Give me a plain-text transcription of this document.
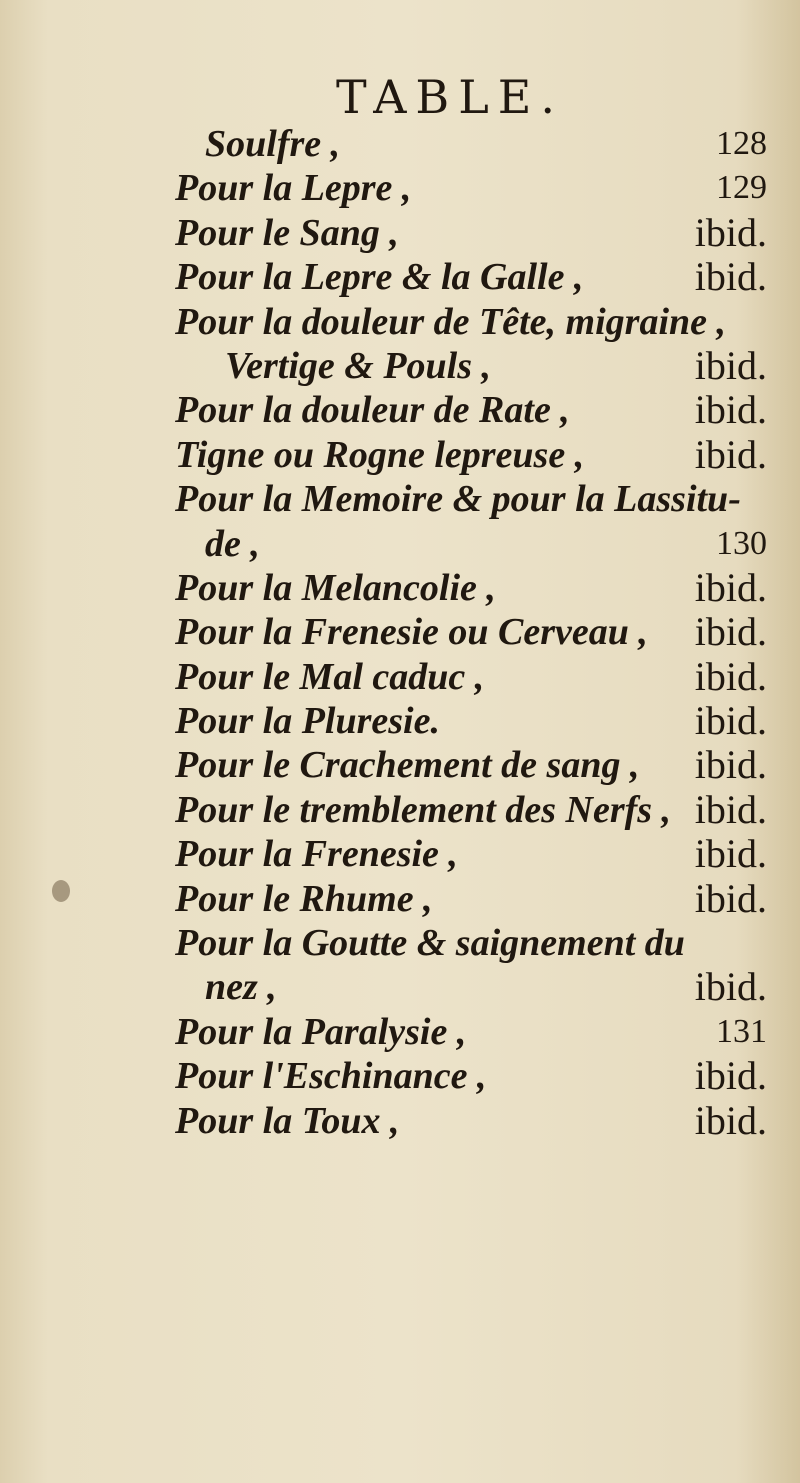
TABLE.
Soulfre ,	128
Pour la Lepre ,	129
Pour le Sang ,	ibid.
Pour la Lepre & la Galle ,	ibid.
Pour la douleur de Tête, migraine ,
Vertige & Pouls ,	ibid.
Pour la douleur de Rate ,	ibid.
Tigne ou Rogne lepreuse ,	ibid.
Pour la Memoire & pour la Lassitu-
de ,	130
Pour la Melancolie ,	ibid.
Pour la Frenesie ou Cerveau , ibid.
Pour le Mal caduc ,	ibid.
Pour la Pluresie.	ibid.
Pour le Crachement de sang , ibid.
Pour le tremblement des Nerfs , ibid.
Pour la Frenesie ,	ibid.
Pour le Rhume ,	ibid.
Pour la Goutte & saignement du
nez ,	ibid.
Pour la Paralysie ,	131
Pour l'Eschinance ,	ibid.
Pour la Toux ,	ibid.
